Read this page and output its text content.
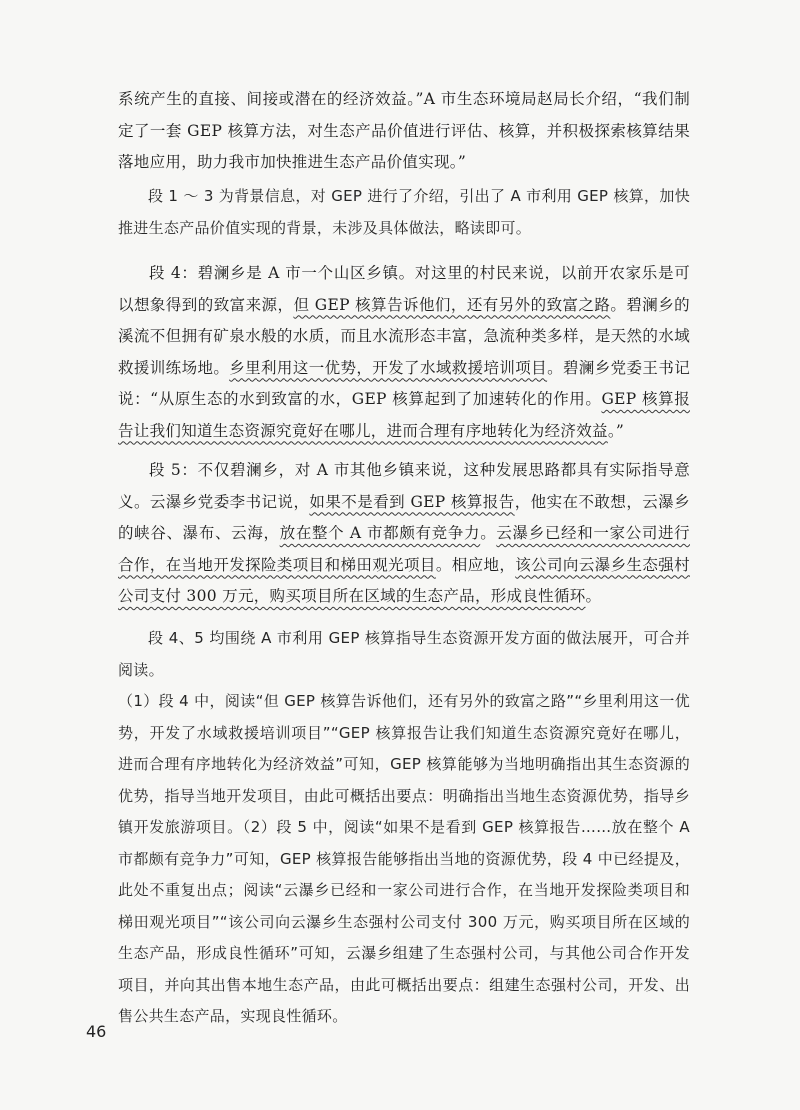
系统产生的直接、间接或潜在的经济效益。”A 市生态环境局赵局长介绍，“我们制定了一套 GEP 核算方法，对生态产品价值进行评估、核算，并积极探索核算结果落地应用，助力我市加快推进生态产品价值实现。”

段 1 ～ 3 为背景信息，对 GEP 进行了介绍，引出了 A 市利用 GEP 核算，加快推进生态产品价值实现的背景，未涉及具体做法，略读即可。

段 4：碧澜乡是 A 市一个山区乡镇。对这里的村民来说，以前开农家乐是可以想象得到的致富来源，但 GEP 核算告诉他们，还有另外的致富之路。碧澜乡的溪流不但拥有矿泉水般的水质，而且水流形态丰富，急流种类多样，是天然的水域救援训练场地。乡里利用这一优势，开发了水域救援培训项目。碧澜乡党委王书记说：“从原生态的水到致富的水，GEP 核算起到了加速转化的作用。GEP 核算报告让我们知道生态资源究竟好在哪儿，进而合理有序地转化为经济效益。”

段 5：不仅碧澜乡，对 A 市其他乡镇来说，这种发展思路都具有实际指导意义。云瀑乡党委李书记说，如果不是看到 GEP 核算报告，他实在不敢想，云瀑乡的峡谷、瀑布、云海，放在整个 A 市都颇有竞争力。云瀑乡已经和一家公司进行合作，在当地开发探险类项目和梯田观光项目。相应地，该公司向云瀑乡生态强村公司支付 300 万元，购买项目所在区域的生态产品，形成良性循环。

段 4、5 均围绕 A 市利用 GEP 核算指导生态资源开发方面的做法展开，可合并阅读。

（1）段 4 中，阅读“但 GEP 核算告诉他们，还有另外的致富之路”“乡里利用这一优势，开发了水域救援培训项目”“GEP 核算报告让我们知道生态资源究竟好在哪儿，进而合理有序地转化为经济效益”可知，GEP 核算能够为当地明确指出其生态资源的优势，指导当地开发项目，由此可概括出要点：明确指出当地生态资源优势，指导乡镇开发旅游项目。（2）段 5 中，阅读“如果不是看到 GEP 核算报告……放在整个 A 市都颇有竞争力”可知，GEP 核算报告能够指出当地的资源优势，段 4 中已经提及，此处不重复出点；阅读“云瀑乡已经和一家公司进行合作，在当地开发探险类项目和梯田观光项目”“该公司向云瀑乡生态强村公司支付 300 万元，购买项目所在区域的生态产品，形成良性循环”可知，云瀑乡组建了生态强村公司，与其他公司合作开发项目，并向其出售本地生态产品，由此可概括出要点：组建生态强村公司，开发、出售公共生态产品，实现良性循环。

46
